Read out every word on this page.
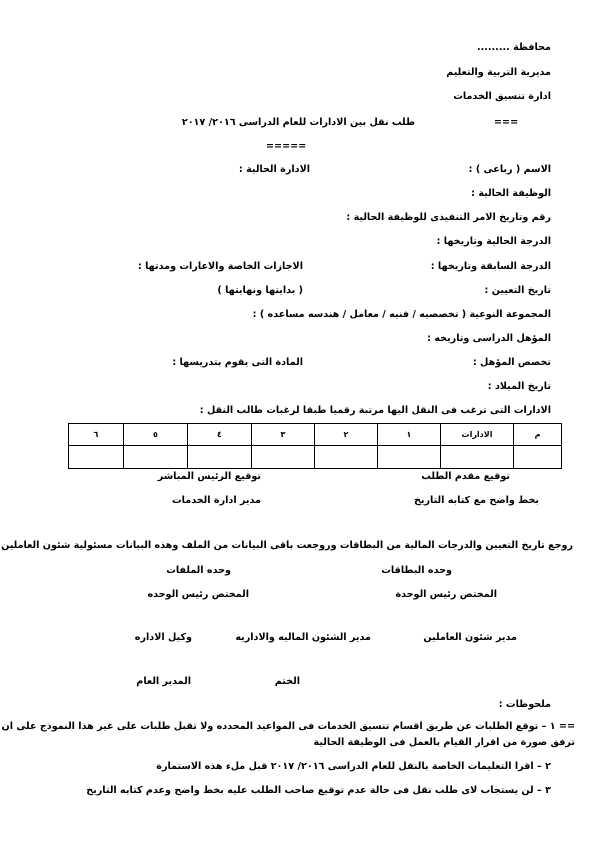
محافظة .........
مديرية التربية والتعليم
ادارة تنسيق الخدمات
طلب نقل بين الادارات للعام الدراسى ٢٠١٦/ ٢٠١٧	===
=====
الاسم ( رباعى ) :
الادارة الحالية :
الوظيفة الحالية :
رقم وتاريخ الامر التنفيذى للوظيفة الحالية :
الدرجة الحالية وتاريخها :
الدرجة السابقة وتاريخها :
الاجازات الخاصة والاعارات ومدتها :
تاريخ التعيين :
( بدايتها ونهايتها )
المجموعة النوعية ( تخصصيه / فنيه / معامل / هندسه مساعده ) :
المؤهل الدراسى وتاريخه :
تخصص المؤهل :
المادة التى يقوم بتدريسها :
تاريخ الميلاد :
الادارات التى ترغب فى النقل اليها مرتبة رقميا طبقا لرغبات طالب النقل :
م	الادارات	١	٢	٣	٤	٥	٦

توقيع مقدم الطلب
توقيع الرئيس المباشر
بخط واضح مع كتابه التاريخ
مدير ادارة الخدمات
روجع تاريخ التعيين والدرجات المالية من البطاقات وروجعت باقى البيانات من الملف وهذه البيانات مسئولية شئون العاملين
وحده البطاقات
وحده الملفات
المختص رئيس الوحدة
المختص رئيس الوحده
مدير شئون العاملين
مدير الشئون الماليه والاداريه
وكيل الاداره
الختم
المدير العام
ملحوظات :
== ١ – توقع الطلبات عن طريق اقسام تنسيق الخدمات فى المواعيد المحدده ولا تقبل طلبات على غير هذا النموذج على ان
ترفق صورة من اقرار القيام بالعمل فى الوظيفة الحالية
٢ – اقرا التعليمات الخاصة بالنقل للعام الدراسى ٢٠١٦/ ٢٠١٧ قبل ملء هذه الاستمارة
٣ – لن يستجاب لاى طلب نقل فى حالة عدم توقيع صاحب الطلب عليه بخط واضح وعدم كتابه التاريخ
